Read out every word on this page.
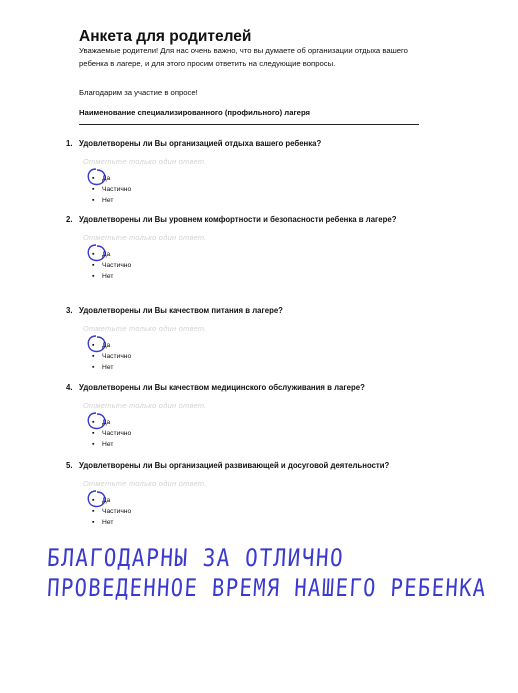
Анкета для родителей
Уважаемые родители! Для нас очень важно, что вы думаете об организации отдыха вашего ребенка в лагере, и для этого просим ответить на следующие вопросы.
Благодарим за участие в опросе!
Наименование специализированного (профильного) лагеря
1. Удовлетворены ли Вы организацией отдыха вашего ребенка?
Отметьте только один ответ.
▪ Да
▪ Частично
▪ Нет
2. Удовлетворены ли Вы уровнем комфортности и безопасности ребенка в лагере?
Отметьте только один ответ.
▪ Да
▪ Частично
▪ Нет
3. Удовлетворены ли Вы качеством питания в лагере?
Отметьте только один ответ.
▪ Да
▪ Частично
▪ Нет
4. Удовлетворены ли Вы качеством медицинского обслуживания в лагере?
Отметьте только один ответ.
▪ Да
▪ Частично
▪ Нет
5. Удовлетворены ли Вы организацией развивающей и досуговой деятельности?
Отметьте только один ответ.
▪ Да
▪ Частично
▪ Нет
БЛАГОДАРНЫ ЗА ОТЛИЧНО
ПРОВЕДЕННОЕ ВРЕМЯ НАШЕГО РЕБЕНКА
